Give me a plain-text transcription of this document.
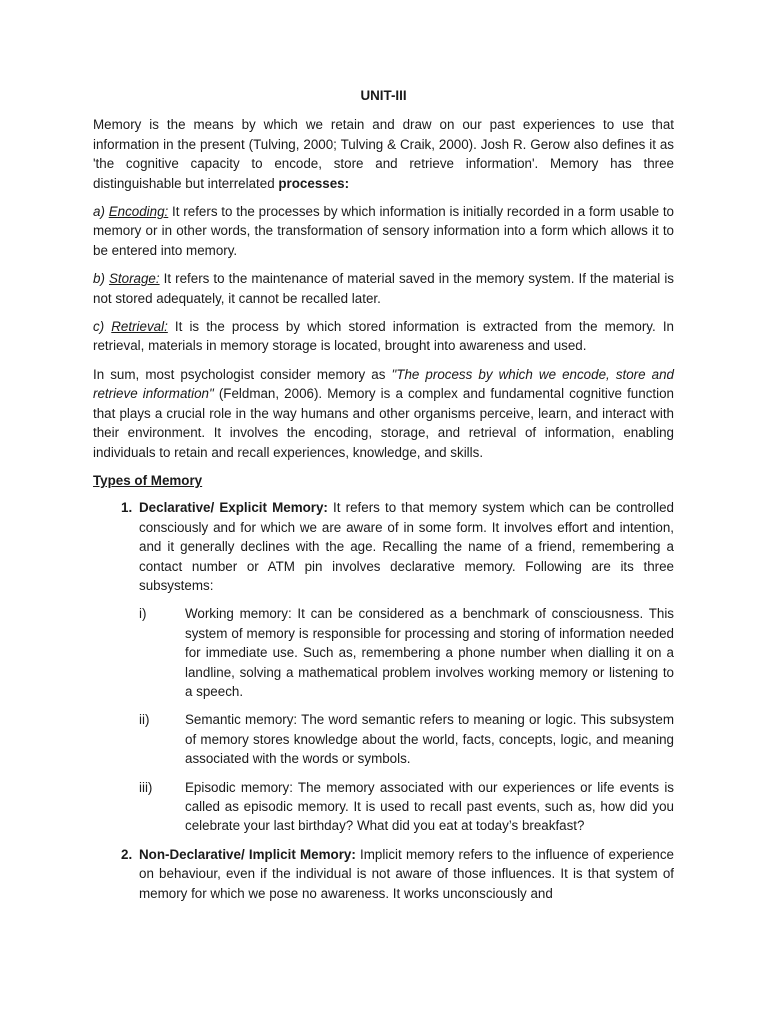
UNIT-III

Memory is the means by which we retain and draw on our past experiences to use that information in the present (Tulving, 2000; Tulving & Craik, 2000). Josh R. Gerow also defines it as 'the cognitive capacity to encode, store and retrieve information'. Memory has three distinguishable but interrelated processes:

a) Encoding: It refers to the processes by which information is initially recorded in a form usable to memory or in other words, the transformation of sensory information into a form which allows it to be entered into memory.

b) Storage: It refers to the maintenance of material saved in the memory system. If the material is not stored adequately, it cannot be recalled later.

c) Retrieval: It is the process by which stored information is extracted from the memory. In retrieval, materials in memory storage is located, brought into awareness and used.

In sum, most psychologist consider memory as "The process by which we encode, store and retrieve information" (Feldman, 2006). Memory is a complex and fundamental cognitive function that plays a crucial role in the way humans and other organisms perceive, learn, and interact with their environment. It involves the encoding, storage, and retrieval of information, enabling individuals to retain and recall experiences, knowledge, and skills.

Types of Memory
1. Declarative/ Explicit Memory: It refers to that memory system which can be controlled consciously and for which we are aware of in some form. It involves effort and intention, and it generally declines with the age. Recalling the name of a friend, remembering a contact number or ATM pin involves declarative memory. Following are its three subsystems:
i)	Working memory: It can be considered as a benchmark of consciousness. This system of memory is responsible for processing and storing of information needed for immediate use. Such as, remembering a phone number when dialling it on a landline, solving a mathematical problem involves working memory or listening to a speech.
ii)	Semantic memory: The word semantic refers to meaning or logic. This subsystem of memory stores knowledge about the world, facts, concepts, logic, and meaning associated with the words or symbols.
iii)	Episodic memory: The memory associated with our experiences or life events is called as episodic memory. It is used to recall past events, such as, how did you celebrate your last birthday? What did you eat at today’s breakfast?
2. Non-Declarative/ Implicit Memory: Implicit memory refers to the influence of experience on behaviour, even if the individual is not aware of those influences. It is that system of memory for which we pose no awareness. It works unconsciously and
